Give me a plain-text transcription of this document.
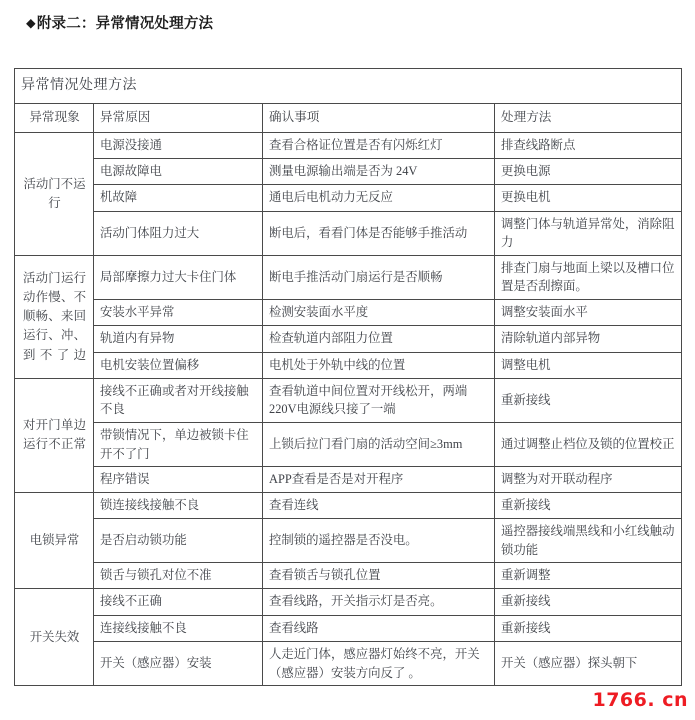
◆附录二：异常情况处理方法
异常情况处理方法			
异常现象	异常原因	确认事项	处理方法

活动门不运行	电源没接通	查看合格证位置是否有闪烁红灯	排查线路断点
	电源故障电	测量电源输出端是否为 24V	更换电源
	机故障	通电后电机动力无反应	更换电机
	活动门体阻力过大	断电后，看看门体是否能够手推活动	调整门体与轨道异常处，消除阻力

活动门运行动作慢、不顺畅、来回运行、冲、到不了边	局部摩擦力过大卡住门体	断电手推活动门扇运行是否顺畅	排查门扇与地面上梁以及槽口位置是否刮擦面。
	安装水平异常	检测安装面水平度	调整安装面水平
	轨道内有异物	检查轨道内部阻力位置	清除轨道内部异物
	电机安装位置偏移	电机处于外轨中线的位置	调整电机

对开门单边运行不正常	接线不正确或者对开线接触不良	查看轨道中间位置对开线松开，两端220V电源线只接了一端	重新接线
	带锁情况下，单边被锁卡住开不了门	上锁后拉门看门扇的活动空间≥3mm	通过调整止档位及锁的位置校正
	程序错误	APP查看是否是对开程序	调整为对开联动程序

电锁异常	锁连接线接触不良	查看连线	重新接线
	是否启动锁功能	控制锁的遥控器是否没电。	遥控器接线端黑线和小红线触动锁功能
	锁舌与锁孔对位不准	查看锁舌与锁孔位置	重新调整

开关失效	接线不正确	查看线路，开关指示灯是否亮。	重新接线
	连接线接触不良	查看线路	重新接线
	开关（感应器）安装	人走近门体，感应器灯始终不亮，开关（感应器）安装方向反了 。	开关（感应器）探头朝下
1766. cn
